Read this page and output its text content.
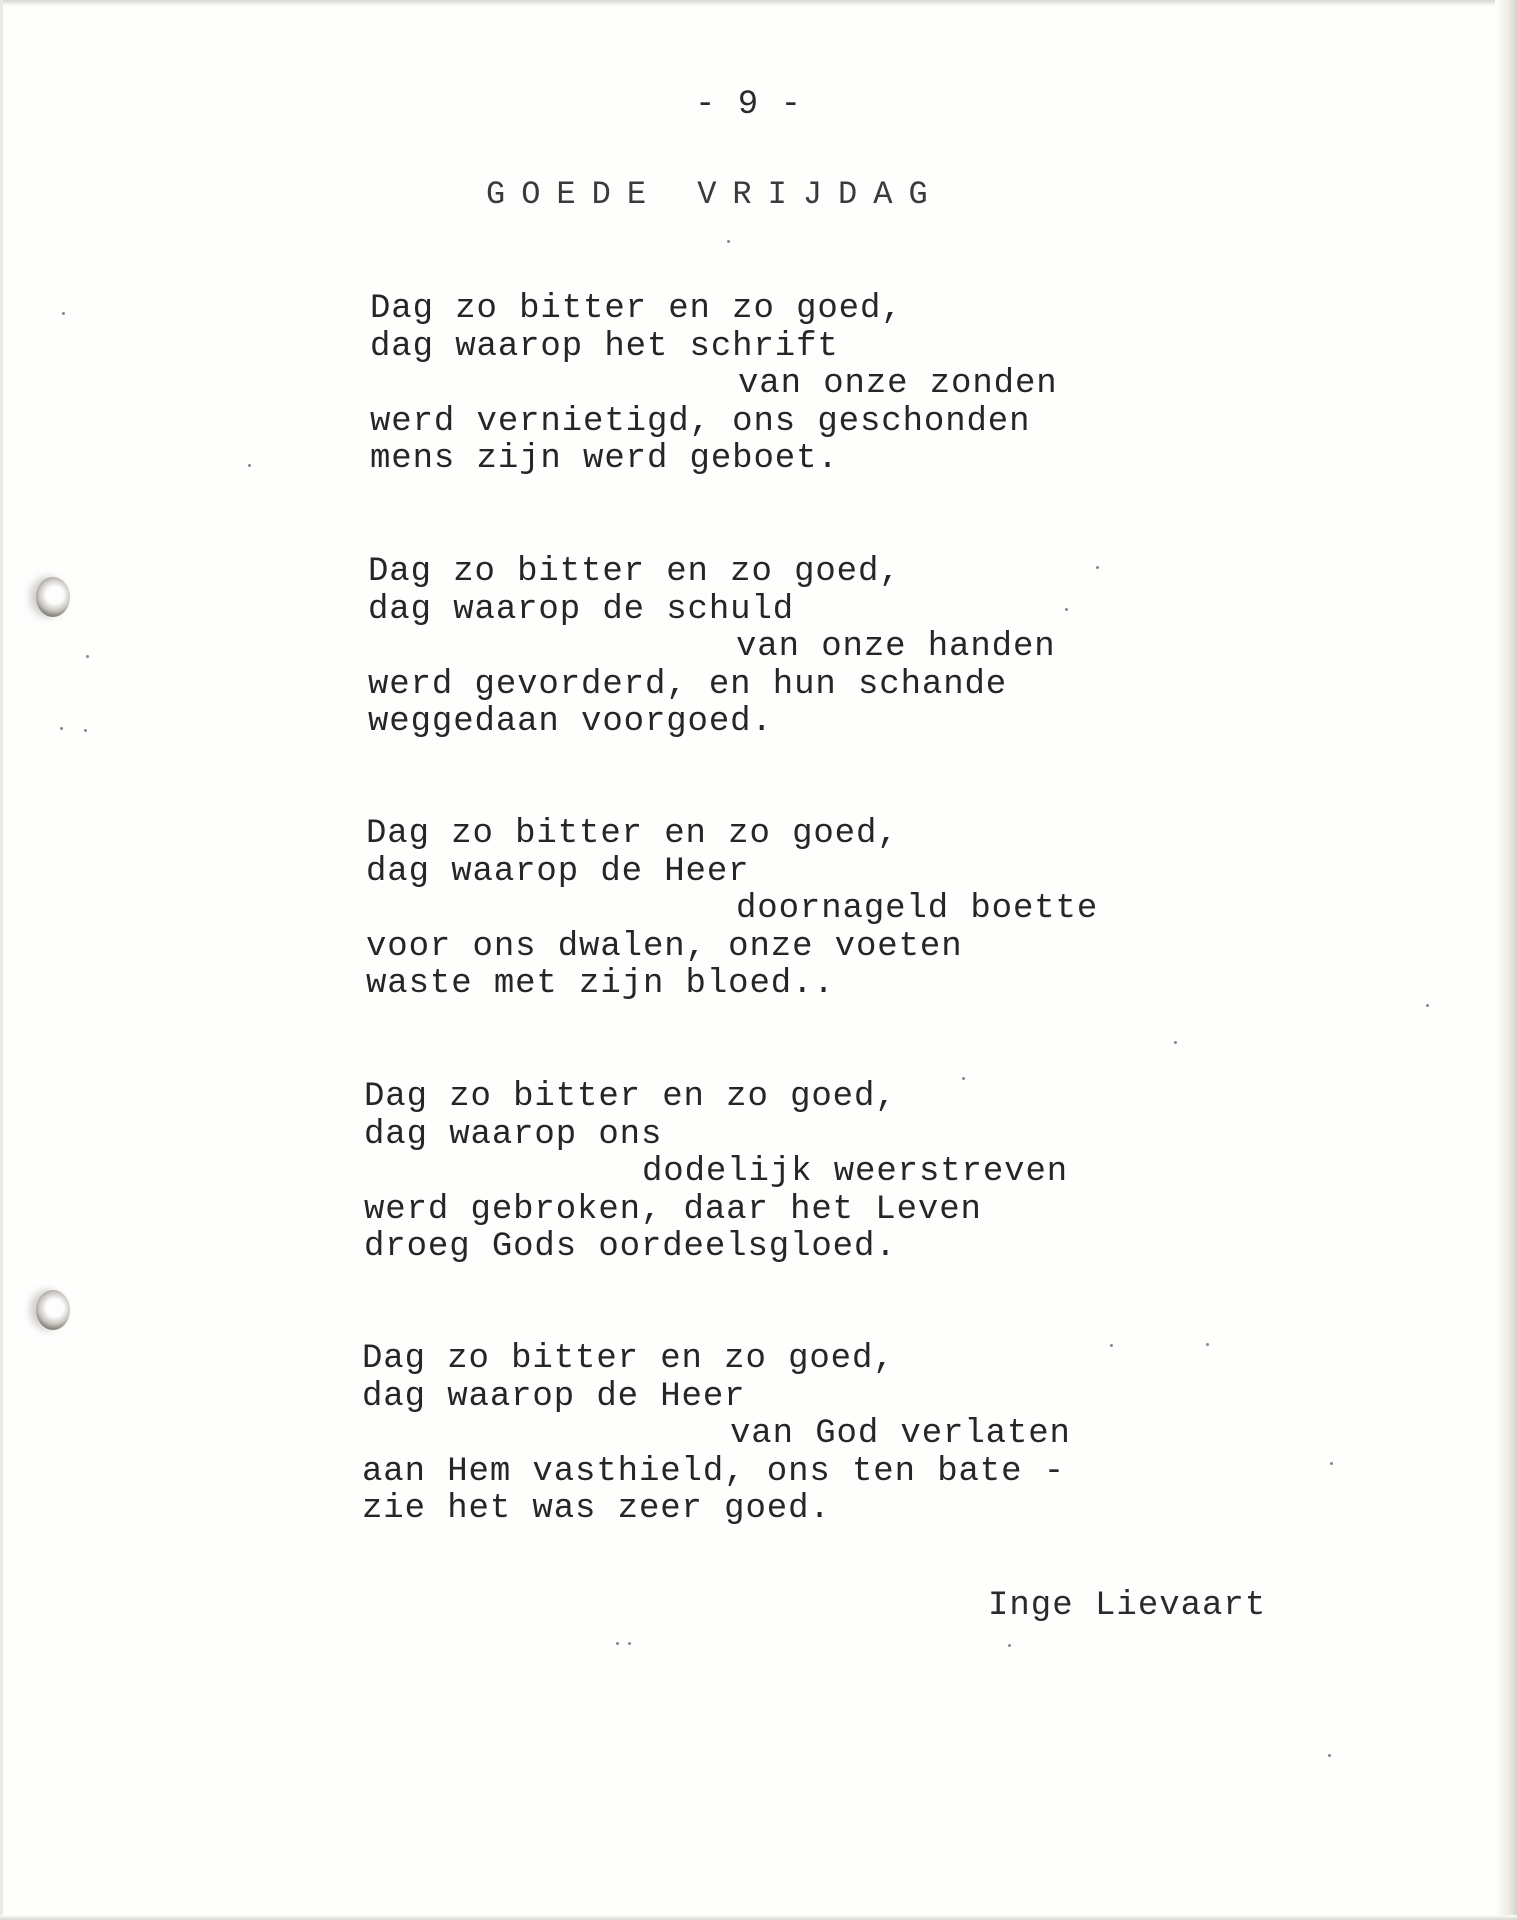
- 9 -
GOEDE VRIJDAG
Dag zo bitter en zo goed,
dag waarop het schrift
van onze zonden
werd vernietigd, ons geschonden
mens zijn werd geboet.
Dag zo bitter en zo goed,
dag waarop de schuld
van onze handen
werd gevorderd, en hun schande
weggedaan voorgoed.
Dag zo bitter en zo goed,
dag waarop de Heer
doornageld boette
voor ons dwalen, onze voeten
waste met zijn bloed..
Dag zo bitter en zo goed,
dag waarop ons
dodelijk weerstreven
werd gebroken, daar het Leven
droeg Gods oordeelsgloed.
Dag zo bitter en zo goed,
dag waarop de Heer
van God verlaten
aan Hem vasthield, ons ten bate -
zie het was zeer goed.
Inge Lievaart
